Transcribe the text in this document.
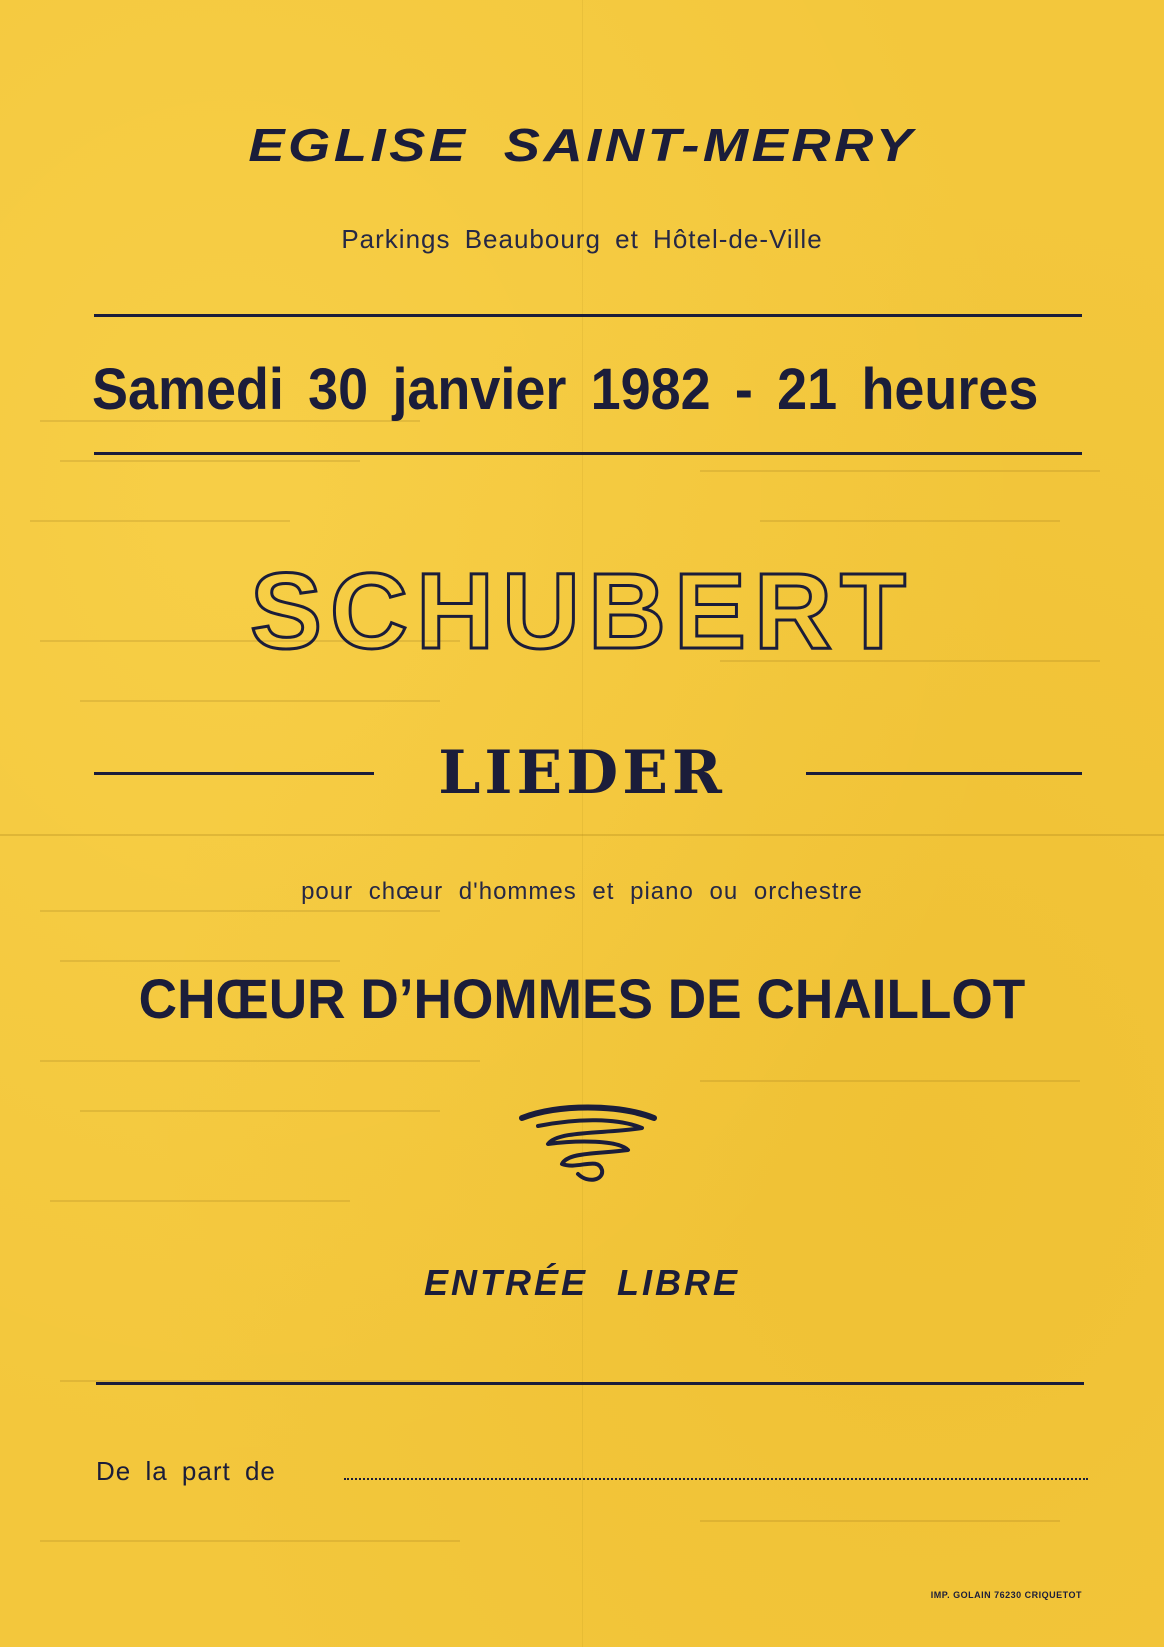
EGLISE SAINT-MERRY
Parkings Beaubourg et Hôtel-de-Ville
Samedi 30 janvier 1982 - 21 heures
SCHUBERT
LIEDER
pour chœur d'hommes et piano ou orchestre
CHŒUR D’HOMMES DE CHAILLOT
ENTRÉE LIBRE
De la part de
IMP. GOLAIN 76230 CRIQUETOT
